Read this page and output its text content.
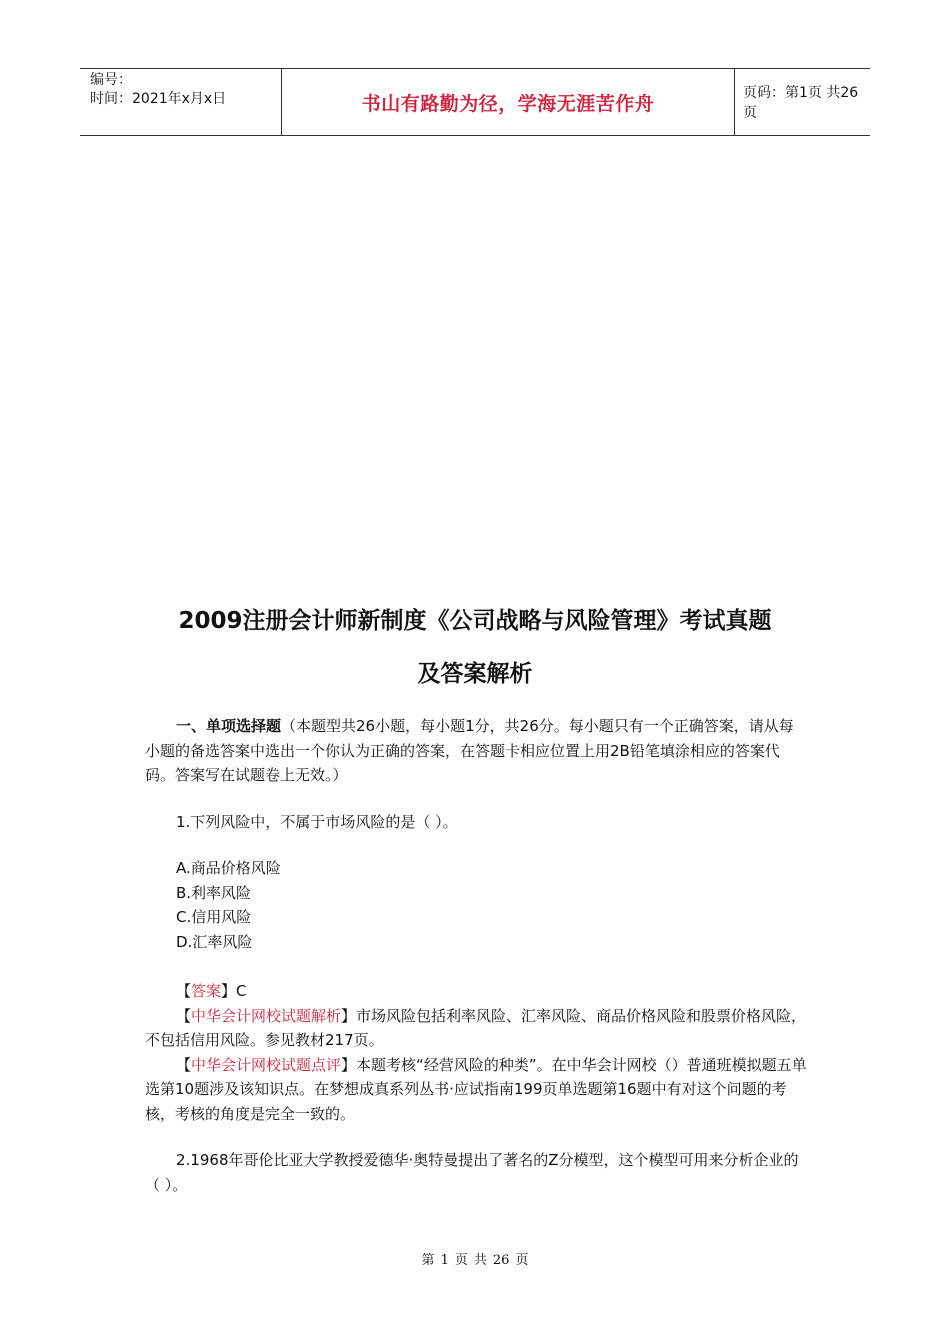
编号：
时间：2021年x月x日	书山有路勤为径，学海无涯苦作舟	页码：第1页 共26页
2009注册会计师新制度《公司战略与风险管理》考试真题
及答案解析

一、单项选择题（本题型共26小题，每小题1分，共26分。每小题只有一个正确答案，请从每小题的备选答案中选出一个你认为正确的答案，在答题卡相应位置上用2B铅笔填涂相应的答案代码。答案写在试题卷上无效。）

1.下列风险中，不属于市场风险的是（ ）。

A.商品价格风险

B.利率风险

C.信用风险

D.汇率风险

【答案】C

【中华会计网校试题解析】市场风险包括利率风险、汇率风险、商品价格风险和股票价格风险，不包括信用风险。参见教材217页。

【中华会计网校试题点评】本题考核“经营风险的种类”。在中华会计网校（）普通班模拟题五单选第10题涉及该知识点。在梦想成真系列丛书·应试指南199页单选题第16题中有对这个问题的考核，考核的角度是完全一致的。

2.1968年哥伦比亚大学教授爱德华·奥特曼提出了著名的Z分模型，这个模型可用来分析企业的（ ）。

第 1 页 共 26 页
